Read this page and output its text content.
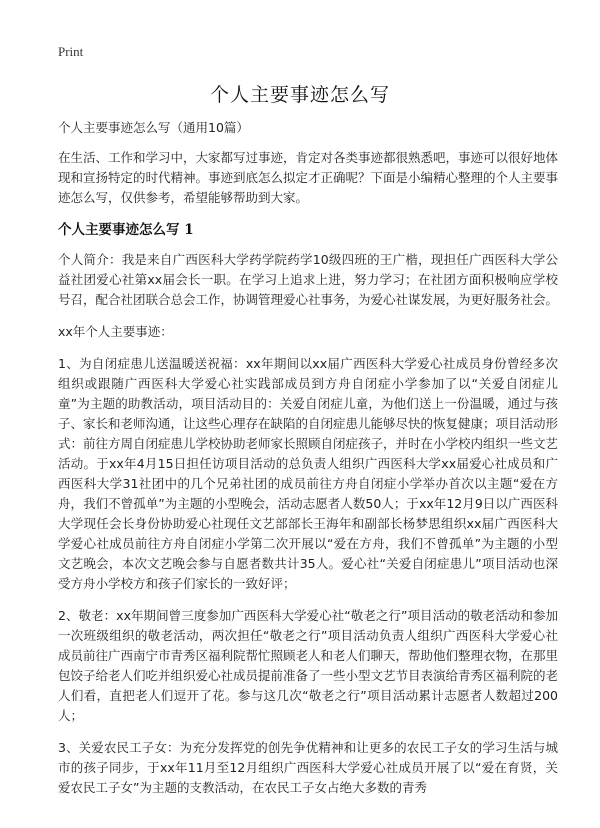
Print
个人主要事迹怎么写

个人主要事迹怎么写（通用10篇）

在生活、工作和学习中，大家都写过事迹，肯定对各类事迹都很熟悉吧，事迹可以很好地体现和宣扬特定的时代精神。事迹到底怎么拟定才正确呢？下面是小编精心整理的个人主要事迹怎么写，仅供参考，希望能够帮助到大家。

个人主要事迹怎么写 1

个人简介：我是来自广西医科大学药学院药学10级四班的王广楷，现担任广西医科大学公益社团爱心社第xx届会长一职。在学习上追求上进，努力学习；在社团方面积极响应学校号召，配合社团联合总会工作，协调管理爱心社事务，为爱心社谋发展，为更好服务社会。

xx年个人主要事迹：

1、为自闭症患儿送温暖送祝福：xx年期间以xx届广西医科大学爱心社成员身份曾经多次组织或跟随广西医科大学爱心社实践部成员到方舟自闭症小学参加了以“关爱自闭症儿童”为主题的助教活动，项目活动目的：关爱自闭症儿童，为他们送上一份温暖，通过与孩子、家长和老师沟通，让这些心理存在缺陷的自闭症患儿能够尽快的恢复健康；项目活动形式：前往方周自闭症患儿学校协助老师家长照顾自闭症孩子，并时在小学校内组织一些文艺活动。于xx年4月15日担任访项目活动的总负责人组织广西医科大学xx届爱心社成员和广西医科大学31社团中的几个兄弟社团的成员前往方舟自闭症小学举办首次以主题“爱在方舟，我们不曾孤单”为主题的小型晚会，活动志愿者人数50人；于xx年12月9日以广西医科大学现任会长身份协助爱心社现任文艺部部长王海年和副部长杨梦思组织xx届广西医科大学爱心社成员前往方舟自闭症小学第二次开展以“爱在方舟，我们不曾孤单”为主题的小型文艺晚会，本次文艺晚会参与自愿者数共计35人。爱心社“关爱自闭症患儿”项目活动也深受方舟小学校方和孩子们家长的一致好评；

2、敬老：xx年期间曾三度参加广西医科大学爱心社“敬老之行”项目活动的敬老活动和参加一次班级组织的敬老活动，两次担任“敬老之行”项目活动负责人组织广西医科大学爱心社成员前往广西南宁市青秀区福利院帮忙照顾老人和老人们聊天，帮助他们整理衣物，在那里包饺子给老人们吃并组织爱心社成员提前准备了一些小型文艺节目表演给青秀区福利院的老人们看，直把老人们逗开了花。参与这几次“敬老之行”项目活动累计志愿者人数超过200人；

3、关爱农民工子女：为充分发挥党的创先争优精神和让更多的农民工子女的学习生活与城市的孩子同步，于xx年11月至12月组织广西医科大学爱心社成员开展了以“爱在育贤，关爱农民工子女”为主题的支教活动，在农民工子女占绝大多数的青秀
